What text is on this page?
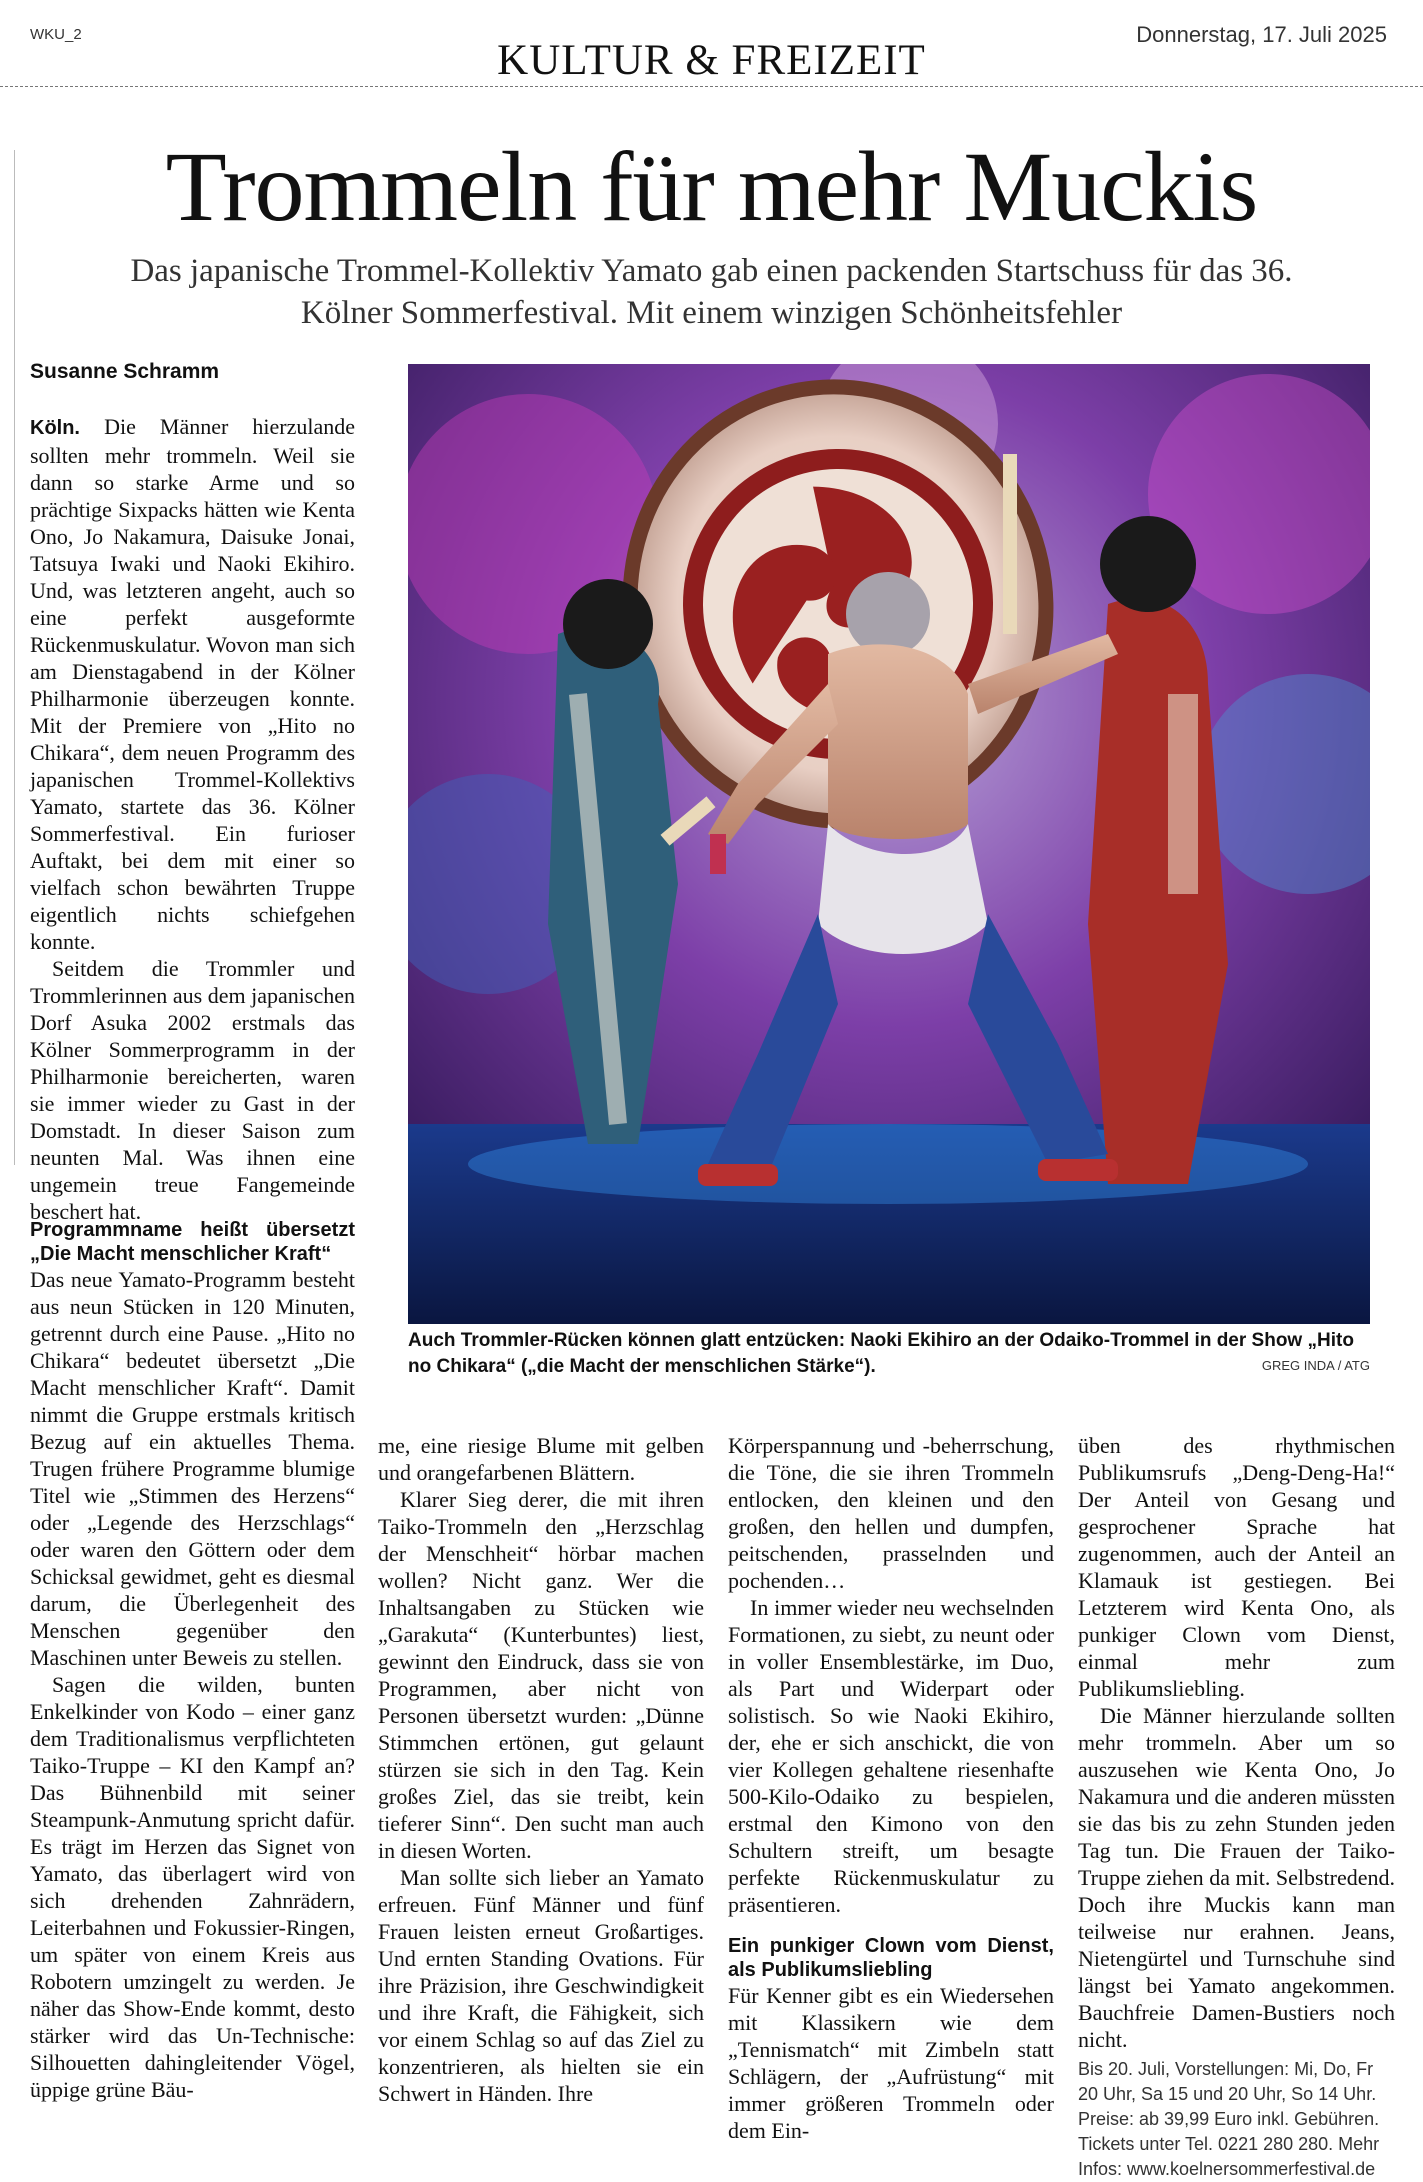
WKU_2
KULTUR & FREIZEIT
Donnerstag, 17. Juli 2025
Trommeln für mehr Muckis
Das japanische Trommel-Kollektiv Yamato gab einen packenden Startschuss für das 36. Kölner Sommerfestival. Mit einem winzigen Schönheitsfehler
Susanne Schramm

Köln. Die Männer hierzulande sollten mehr trommeln. Weil sie dann so starke Arme und so prächtige Sixpacks hätten wie Kenta Ono, Jo Nakamura, Daisuke Jonai, Tatsuya Iwaki und Naoki Ekihiro. Und, was letzteren angeht, auch so eine perfekt ausgeformte Rückenmuskulatur. Wovon man sich am Dienstagabend in der Kölner Philharmonie überzeugen konnte. Mit der Premiere von „Hito no Chikara“, dem neuen Programm des japanischen Trommel-Kollektivs Yamato, startete das 36. Kölner Sommerfestival. Ein furioser Auftakt, bei dem mit einer so vielfach schon bewährten Truppe eigentlich nichts schiefgehen konnte.

Seitdem die Trommler und Trommlerinnen aus dem japanischen Dorf Asuka 2002 erstmals das Kölner Sommerprogramm in der Philharmonie bereicherten, waren sie immer wieder zu Gast in der Domstadt. In dieser Saison zum neunten Mal. Was ihnen eine ungemein treue Fangemeinde beschert hat.

Programmname heißt übersetzt „Die Macht menschlicher Kraft“

Das neue Yamato-Programm besteht aus neun Stücken in 120 Minuten, getrennt durch eine Pause. „Hito no Chikara“ bedeutet übersetzt „Die Macht menschlicher Kraft“. Damit nimmt die Gruppe erstmals kritisch Bezug auf ein aktuelles Thema. Trugen frühere Programme blumige Titel wie „Stimmen des Herzens“ oder „Legende des Herzschlags“ oder waren den Göttern oder dem Schicksal gewidmet, geht es diesmal darum, die Überlegenheit des Menschen gegenüber den Maschinen unter Beweis zu stellen.

Sagen die wilden, bunten Enkelkinder von Kodo – einer ganz dem Traditionalismus verpflichteten Taiko-Truppe – KI den Kampf an? Das Bühnenbild mit seiner Steampunk-Anmutung spricht dafür. Es trägt im Herzen das Signet von Yamato, das überlagert wird von sich drehenden Zahnrädern, Leiterbahnen und Fokussier-Ringen, um später von einem Kreis aus Robotern umzingelt zu werden. Je näher das Show-Ende kommt, desto stärker wird das Un-Technische: Silhouetten dahingleitender Vögel, üppige grüne Bäu-

me, eine riesige Blume mit gelben und orangefarbenen Blättern.

Klarer Sieg derer, die mit ihren Taiko-Trommeln den „Herzschlag der Menschheit“ hörbar machen wollen? Nicht ganz. Wer die Inhaltsangaben zu Stücken wie „Garakuta“ (Kunterbuntes) liest, gewinnt den Eindruck, dass sie von Programmen, aber nicht von Personen übersetzt wurden: „Dünne Stimmchen ertönen, gut gelaunt stürzen sie sich in den Tag. Kein großes Ziel, das sie treibt, kein tieferer Sinn“. Den sucht man auch in diesen Worten.

Man sollte sich lieber an Yamato erfreuen. Fünf Männer und fünf Frauen leisten erneut Großartiges. Und ernten Standing Ovations. Für ihre Präzision, ihre Geschwindigkeit und ihre Kraft, die Fähigkeit, sich vor einem Schlag so auf das Ziel zu konzentrieren, als hielten sie ein Schwert in Händen. Ihre

Körperspannung und -beherrschung, die Töne, die sie ihren Trommeln entlocken, den kleinen und den großen, den hellen und dumpfen, peitschenden, prasselnden und pochenden…

In immer wieder neu wechselnden Formationen, zu siebt, zu neunt oder in voller Ensemblestärke, im Duo, als Part und Widerpart oder solistisch. So wie Naoki Ekihiro, der, ehe er sich anschickt, die von vier Kollegen gehaltene riesenhafte 500-Kilo-Odaiko zu bespielen, erstmal den Kimono von den Schultern streift, um besagte perfekte Rückenmuskulatur zu präsentieren.

Ein punkiger Clown vom Dienst, als Publikumsliebling

Für Kenner gibt es ein Wiedersehen mit Klassikern wie dem „Tennismatch“ mit Zimbeln statt Schlägern, der „Aufrüstung“ mit immer größeren Trommeln oder dem Ein-

üben des rhythmischen Publikumsrufs „Deng-Deng-Ha!“ Der Anteil von Gesang und gesprochener Sprache hat zugenommen, auch der Anteil an Klamauk ist gestiegen. Bei Letzterem wird Kenta Ono, als punkiger Clown vom Dienst, einmal mehr zum Publikumsliebling.

Die Männer hierzulande sollten mehr trommeln. Aber um so auszusehen wie Kenta Ono, Jo Nakamura und die anderen müssten sie das bis zu zehn Stunden jeden Tag tun. Die Frauen der Taiko-Truppe ziehen da mit. Selbstredend. Doch ihre Muckis kann man teilweise nur erahnen. Jeans, Nietengürtel und Turnschuhe sind längst bei Yamato angekommen. Bauchfreie Damen-Bustiers noch nicht.

Bis 20. Juli, Vorstellungen: Mi, Do, Fr 20 Uhr, Sa 15 und 20 Uhr, So 14 Uhr. Preise: ab 39,99 Euro inkl. Gebühren. Tickets unter Tel. 0221 280 280. Mehr Infos: www.koelnersommerfestival.de
Auch Trommler-Rücken können glatt entzücken: Naoki Ekihiro an der Odaiko-Trommel in der Show „Hito no Chikara“ („die Macht der menschlichen Stärke“).	GREG INDA / ATG
